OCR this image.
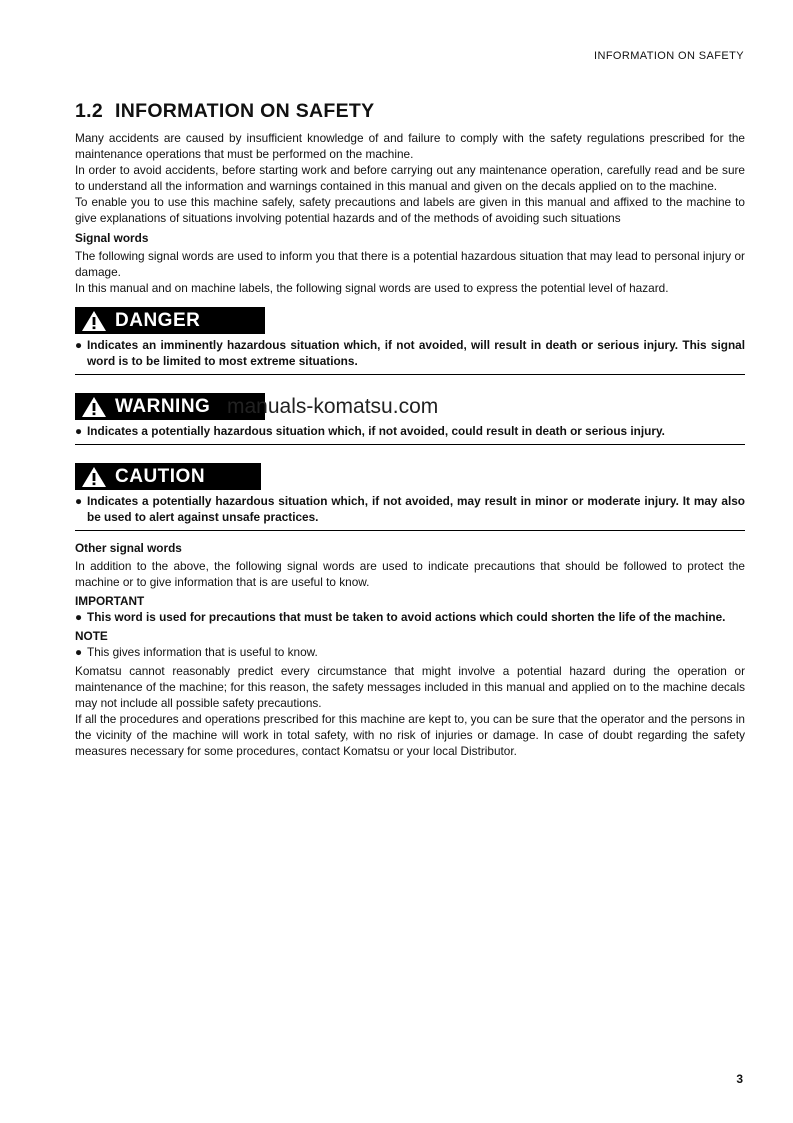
INFORMATION ON SAFETY
1.2 INFORMATION ON SAFETY

Many accidents are caused by insufficient knowledge of and failure to comply with the safety regulations prescribed for the maintenance operations that must be performed on the machine.

In order to avoid accidents, before starting work and before carrying out any maintenance operation, carefully read and be sure to understand all the information and warnings contained in this manual and given on the decals applied on to the machine.

To enable you to use this machine safely, safety precautions and labels are given in this manual and affixed to the machine to give explanations of situations involving potential hazards and of the methods of avoiding such situations

Signal words

The following signal words are used to inform you that there is a potential hazardous situation that may lead to personal injury or damage.

In this manual and on machine labels, the following signal words are used to express the potential level of hazard.

DANGER
● Indicates an imminently hazardous situation which, if not avoided, will result in death or serious injury. This signal word is to be limited to most extreme situations.
WARNING
● Indicates a potentially hazardous situation which, if not avoided, could result in death or serious injury.
CAUTION
● Indicates a potentially hazardous situation which, if not avoided, may result in minor or moderate injury. It may also be used to alert against unsafe practices.
Other signal words

In addition to the above, the following signal words are used to indicate precautions that should be followed to protect the machine or to give information that is are useful to know.

IMPORTANT
● This word is used for precautions that must be taken to avoid actions which could shorten the life of the machine.
NOTE
● This gives information that is useful to know.

Komatsu cannot reasonably predict every circumstance that might involve a potential hazard during the operation or maintenance of the machine; for this reason, the safety messages included in this manual and applied on to the machine decals may not include all possible safety precautions.

If all the procedures and operations prescribed for this machine are kept to, you can be sure that the operator and the persons in the vicinity of the machine will work in total safety, with no risk of injuries or damage. In case of doubt regarding the safety measures necessary for some procedures, contact Komatsu or your local Distributor.

manuals-komatsu.com
3
